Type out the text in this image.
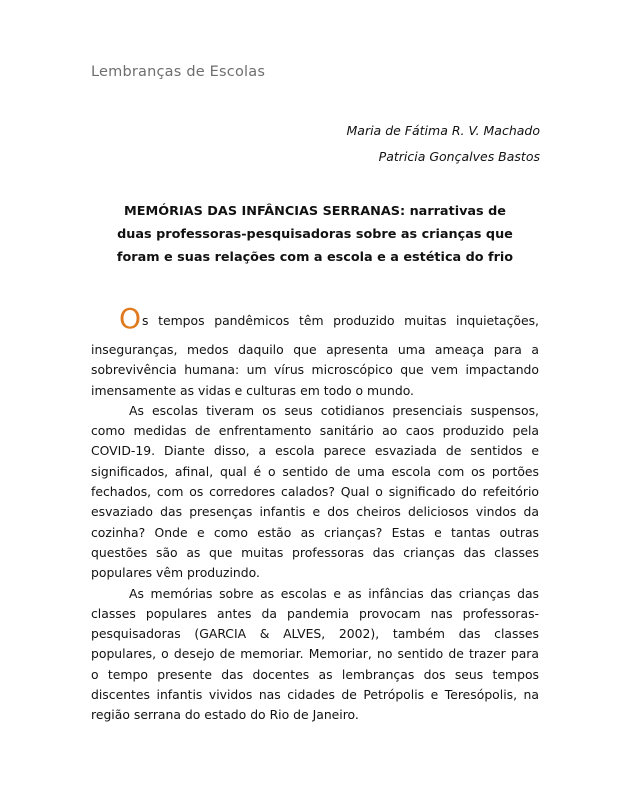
Lembranças de Escolas
Maria de Fátima R. V. Machado
Patricia Gonçalves Bastos
MEMÓRIAS DAS INFÂNCIAS SERRANAS: narrativas de
duas professoras-pesquisadoras sobre as crianças que
foram e suas relações com a escola e a estética do frio
Os tempos pandêmicos têm produzido muitas inquietações,
inseguranças, medos daquilo que apresenta uma ameaça para a
sobrevivência humana: um vírus microscópico que vem impactando
imensamente as vidas e culturas em todo o mundo.
As escolas tiveram os seus cotidianos presenciais suspensos,
como medidas de enfrentamento sanitário ao caos produzido pela
COVID-19. Diante disso, a escola parece esvaziada de sentidos e
significados, afinal, qual é o sentido de uma escola com os portões
fechados, com os corredores calados? Qual o significado do refeitório
esvaziado das presenças infantis e dos cheiros deliciosos vindos da
cozinha? Onde e como estão as crianças? Estas e tantas outras
questões são as que muitas professoras das crianças das classes
populares vêm produzindo.
As memórias sobre as escolas e as infâncias das crianças das
classes populares antes da pandemia provocam nas professoras-
pesquisadoras (GARCIA & ALVES, 2002), também das classes
populares, o desejo de memoriar. Memoriar, no sentido de trazer para
o tempo presente das docentes as lembranças dos seus tempos
discentes infantis vividos nas cidades de Petrópolis e Teresópolis, na
região serrana do estado do Rio de Janeiro.
